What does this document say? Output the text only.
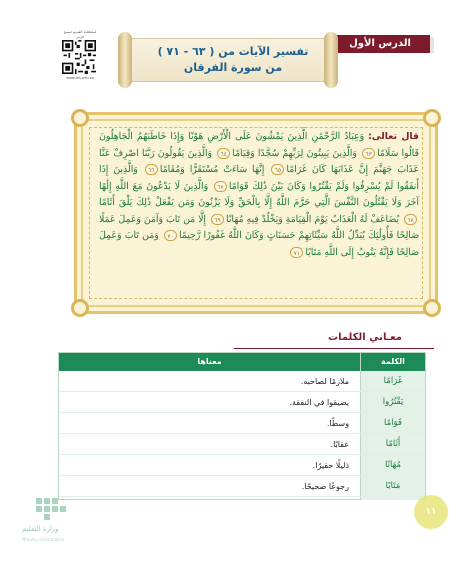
لمشاهدة الفيديو امسح الرمز
www.ien.edu.sa
الدرس الأول
تفسير الآيات من ( ٦٣ - ٧١ )
من سورة الفرقان
قال تعالى: وَعِبَادُ الرَّحْمَٰنِ الَّذِينَ يَمْشُونَ عَلَى الْأَرْضِ هَوْنًا وَإِذَا خَاطَبَهُمُ الْجَاهِلُونَ قَالُوا سَلَامًا٦٣ وَالَّذِينَ يَبِيتُونَ لِرَبِّهِمْ سُجَّدًا وَقِيَامًا٦٤ وَالَّذِينَ يَقُولُونَ رَبَّنَا اصْرِفْ عَنَّا عَذَابَ جَهَنَّمَ إِنَّ عَذَابَهَا كَانَ غَرَامًا٦٥ إِنَّهَا سَاءَتْ مُسْتَقَرًّا وَمُقَامًا٦٦ وَالَّذِينَ إِذَا أَنفَقُوا لَمْ يُسْرِفُوا وَلَمْ يَقْتُرُوا وَكَانَ بَيْنَ ذَٰلِكَ قَوَامًا٦٧ وَالَّذِينَ لَا يَدْعُونَ مَعَ اللَّهِ إِلَٰهًا آخَرَ وَلَا يَقْتُلُونَ النَّفْسَ الَّتِي حَرَّمَ اللَّهُ إِلَّا بِالْحَقِّ وَلَا يَزْنُونَ وَمَن يَفْعَلْ ذَٰلِكَ يَلْقَ أَثَامًا٦٨ يُضَاعَفْ لَهُ الْعَذَابُ يَوْمَ الْقِيَامَةِ وَيَخْلُدْ فِيهِ مُهَانًا٦٩ إِلَّا مَن تَابَ وَآمَنَ وَعَمِلَ عَمَلًا صَالِحًا فَأُولَٰئِكَ يُبَدِّلُ اللَّهُ سَيِّئَاتِهِمْ حَسَنَاتٍ وَكَانَ اللَّهُ غَفُورًا رَّحِيمًا٧٠ وَمَن تَابَ وَعَمِلَ صَالِحًا فَإِنَّهُ يَتُوبُ إِلَى اللَّهِ مَتَابًا٧١
معـاني الكلمات
الكلمة
معناها
غَرَامًا
ملازمًا لصاحبه.
يَقْتُرُوا
يضيقوا في النفقة.
قَوَامًا
وسطًا.
أَثَامًا
عقابًا.
مُهَانًا
ذليلًا حقيرًا.
مَتَابًا
رجوعًا صحيحًا.
وزارة التعليم
Ministry of Education
١١
